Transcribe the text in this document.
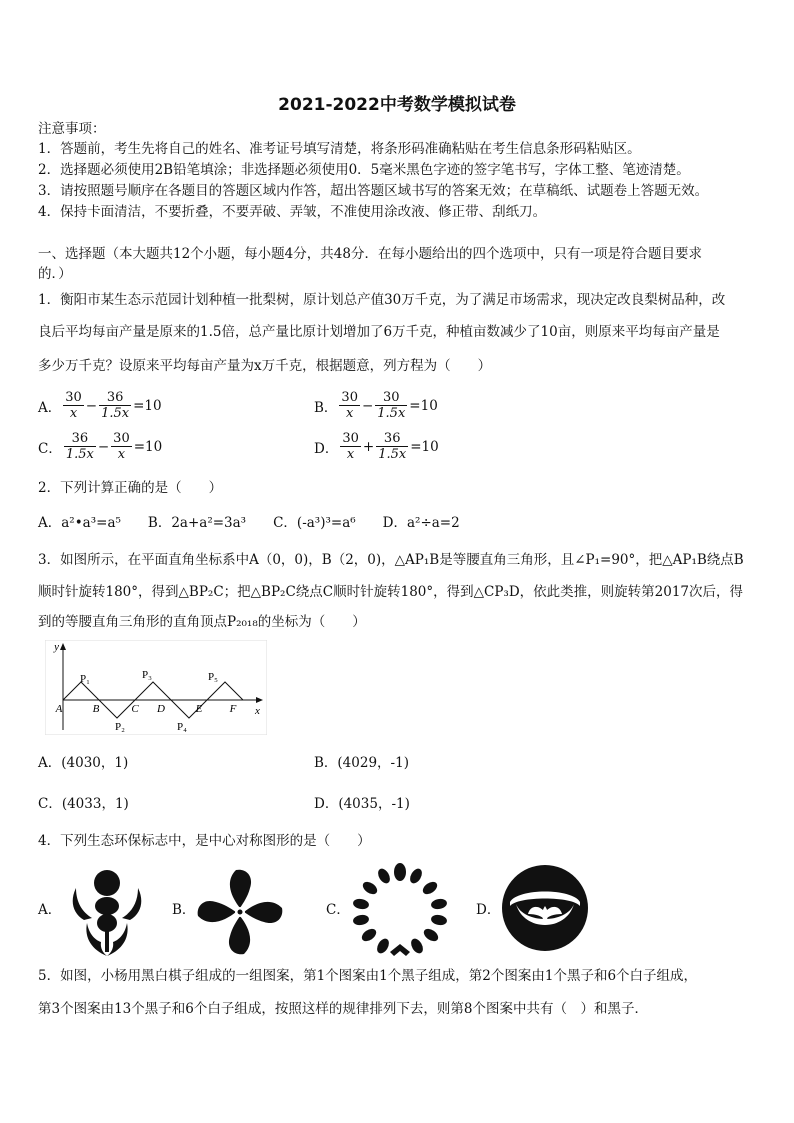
2021-2022中考数学模拟试卷
注意事项：
1．答题前，考生先将自己的姓名、准考证号填写清楚，将条形码准确粘贴在考生信息条形码粘贴区。
2．选择题必须使用2B铅笔填涂；非选择题必须使用0．5毫米黑色字迹的签字笔书写，字体工整、笔迹清楚。
3．请按照题号顺序在各题目的答题区域内作答，超出答题区域书写的答案无效；在草稿纸、试题卷上答题无效。
4．保持卡面清洁，不要折叠，不要弄破、弄皱，不准使用涂改液、修正带、刮纸刀。
一、选择题（本大题共12个小题，每小题4分，共48分．在每小题给出的四个选项中，只有一项是符合题目要求
的．）
1．衡阳市某生态示范园计划种植一批梨树，原计划总产值30万千克，为了满足市场需求，现决定改良梨树品种，改
良后平均每亩产量是原来的1.5倍，总产量比原计划增加了6万千克，种植亩数减少了10亩，则原来平均每亩产量是
多少万千克？设原来平均每亩产量为x万千克，根据题意，列方程为（　　）
A． $\frac{30}{x} - \frac{36}{1.5x} =10$	B． $\frac{30}{x} - \frac{30}{1.5x} =10$
C． $\frac{36}{1.5x} - \frac{30}{x} =10$	D． $\frac{30}{x} + \frac{36}{1.5x} =10$
2．下列计算正确的是（　　）
A．a²•a³=a⁵　　B．2a+a²=3a³　　C．(-a³)³=a⁶　　D．a²÷a=2
3．如图所示，在平面直角坐标系中A（0，0)，B（2，0)，△AP₁B是等腰直角三角形，且∠P₁=90°，把△AP₁B绕点B
顺时针旋转180°，得到△BP₂C；把△BP₂C绕点C顺时针旋转180°，得到△CP₃D，依此类推，则旋转第2017次后，得
到的等腰直角三角形的直角顶点P₂₀₁₈的坐标为（　　）
y
x
A	B	C D	E F
P₁	P₃	P₅
P₂	P₄
A．(4030，1)	B．(4029，-1)
C．(4033，1)	D．(4035，-1)
4．下列生态环保标志中，是中心对称图形的是（　　）
A．	B．	C．	D．
5．如图，小杨用黑白棋子组成的一组图案，第1个图案由1个黑子组成，第2个图案由1个黑子和6个白子组成，
第3个图案由13个黑子和6个白子组成，按照这样的规律排列下去，则第8个图案中共有（　）和黑子．
